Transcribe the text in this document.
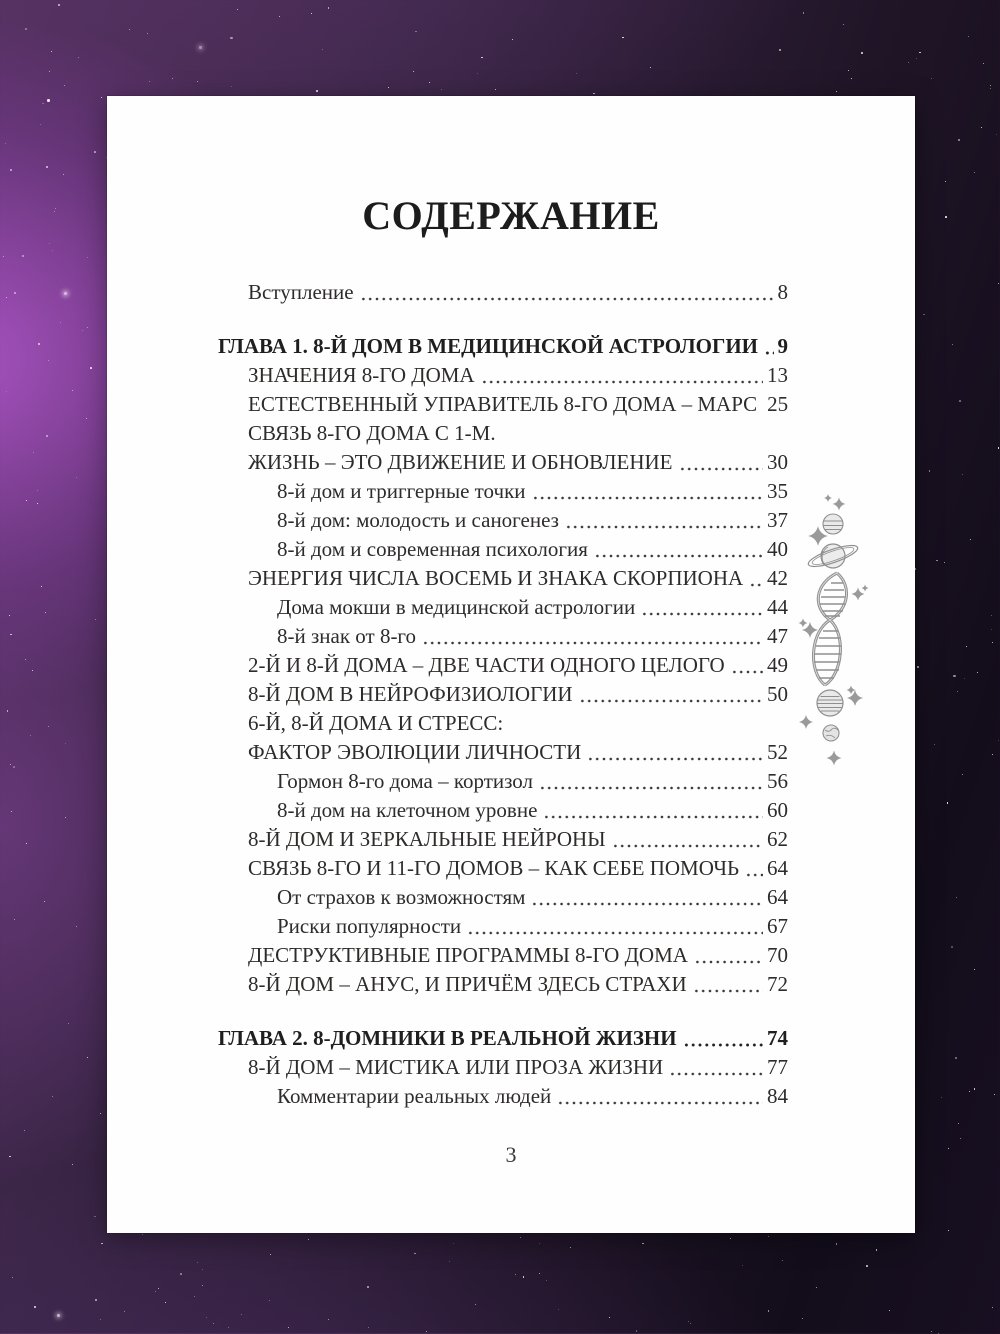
СОДЕРЖАНИЕ
Вступление	8
ГЛАВА 1. 8-Й ДОМ В МЕДИЦИНСКОЙ АСТРОЛОГИИ 9
ЗНАЧЕНИЯ 8-ГО ДОМА	13
ЕСТЕСТВЕННЫЙ УПРАВИТЕЛЬ 8-ГО ДОМА – МАРС 25
СВЯЗЬ 8-ГО ДОМА С 1-М.
ЖИЗНЬ – ЭТО ДВИЖЕНИЕ И ОБНОВЛЕНИЕ	30
8-й дом и триггерные точки	35
8-й дом: молодость и саногенез	37
8-й дом и современная психология	40
ЭНЕРГИЯ ЧИСЛА ВОСЕМЬ И ЗНАКА СКОРПИОНА 42
Дома мокши в медицинской астрологии	44
8-й знак от 8-го	47
2-Й И 8-Й ДОМА – ДВЕ ЧАСТИ ОДНОГО ЦЕЛОГО 49
8-Й ДОМ В НЕЙРОФИЗИОЛОГИИ	50
6-Й, 8-Й ДОМА И СТРЕСС:
ФАКТОР ЭВОЛЮЦИИ ЛИЧНОСТИ	52
Гормон 8-го дома – кортизол	56
8-й дом на клеточном уровне	60
8-Й ДОМ И ЗЕРКАЛЬНЫЕ НЕЙРОНЫ	62
СВЯЗЬ 8-ГО И 11-ГО ДОМОВ – КАК СЕБЕ ПОМОЧЬ 64
От страхов к возможностям	64
Риски популярности	67
ДЕСТРУКТИВНЫЕ ПРОГРАММЫ 8-ГО ДОМА	70
8-Й ДОМ – АНУС, И ПРИЧЁМ ЗДЕСЬ СТРАХИ	72
ГЛАВА 2. 8-ДОМНИКИ В РЕАЛЬНОЙ ЖИЗНИ	74
8-Й ДОМ – МИСТИКА ИЛИ ПРОЗА ЖИЗНИ	77
Комментарии реальных людей	84
3
